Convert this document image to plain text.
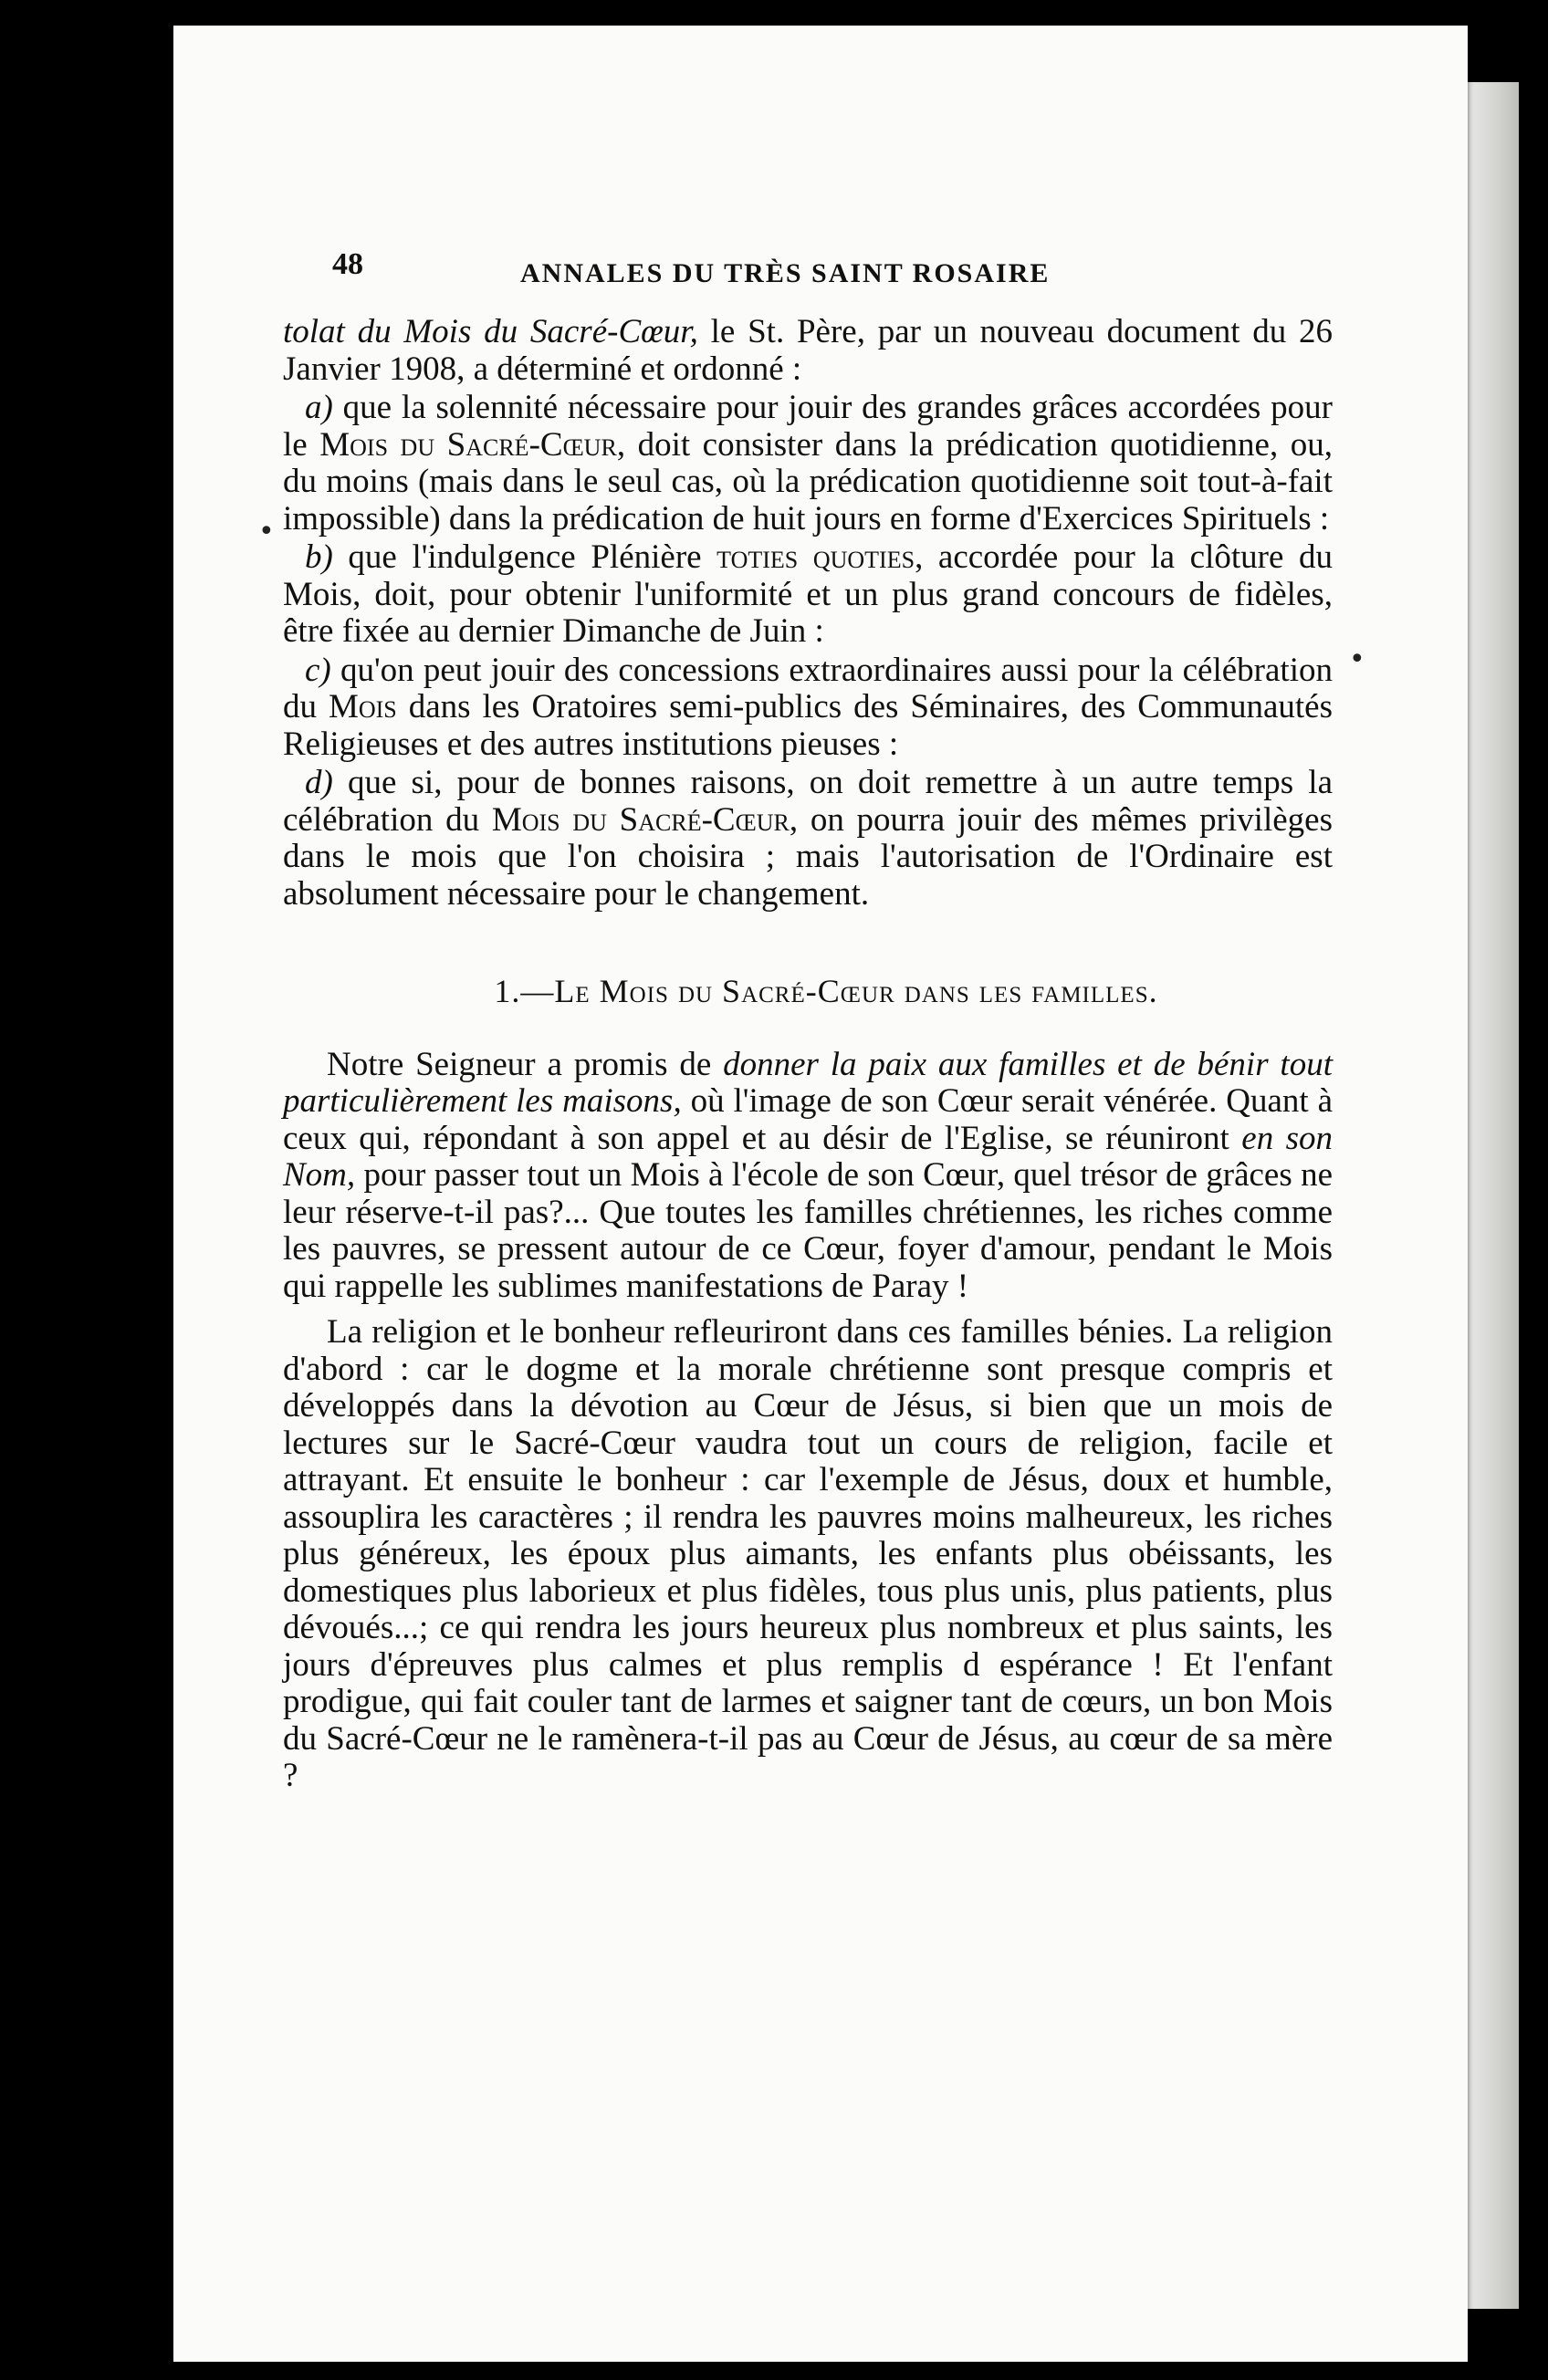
•
•
48	ANNALES DU TRÈS SAINT ROSAIRE

tolat du Mois du Sacré-Cœur, le St. Père, par un nouveau document du 26 Janvier 1908, a déterminé et ordonné :

a) que la solennité nécessaire pour jouir des grandes grâces accordées pour le Mois du Sacré-Cœur, doit consister dans la prédication quotidienne, ou, du moins (mais dans le seul cas, où la prédication quotidienne soit tout-à-fait impossible) dans la prédication de huit jours en forme d'Exercices Spirituels :

b) que l'indulgence Plénière toties quoties, accordée pour la clôture du Mois, doit, pour obtenir l'uniformité et un plus grand concours de fidèles, être fixée au dernier Dimanche de Juin :

c) qu'on peut jouir des concessions extraordinaires aussi pour la célébration du Mois dans les Oratoires semi-publics des Séminaires, des Communautés Religieuses et des autres institutions pieuses :

d) que si, pour de bonnes raisons, on doit remettre à un autre temps la célébration du Mois du Sacré-Cœur, on pourra jouir des mêmes privilèges dans le mois que l'on choisira ; mais l'autorisation de l'Ordinaire est absolument nécessaire pour le changement.

1.—Le Mois du Sacré-Cœur dans les familles.

Notre Seigneur a promis de donner la paix aux familles et de bénir tout particulièrement les maisons, où l'image de son Cœur serait vénérée. Quant à ceux qui, répondant à son appel et au désir de l'Eglise, se réuniront en son Nom, pour passer tout un Mois à l'école de son Cœur, quel trésor de grâces ne leur réserve-t-il pas?... Que toutes les familles chrétiennes, les riches comme les pauvres, se pressent autour de ce Cœur, foyer d'amour, pendant le Mois qui rappelle les sublimes manifestations de Paray !

La religion et le bonheur refleuriront dans ces familles bénies. La religion d'abord : car le dogme et la morale chrétienne sont presque compris et développés dans la dévotion au Cœur de Jésus, si bien que un mois de lectures sur le Sacré-Cœur vaudra tout un cours de religion, facile et attrayant. Et ensuite le bonheur : car l'exemple de Jésus, doux et humble, assouplira les caractères ; il rendra les pauvres moins malheureux, les riches plus généreux, les époux plus aimants, les enfants plus obéissants, les domestiques plus laborieux et plus fidèles, tous plus unis, plus patients, plus dévoués...; ce qui rendra les jours heureux plus nombreux et plus saints, les jours d'épreuves plus calmes et plus remplis d espérance ! Et l'enfant prodigue, qui fait couler tant de larmes et saigner tant de cœurs, un bon Mois du Sacré-Cœur ne le ramènera-t-il pas au Cœur de Jésus, au cœur de sa mère ?
